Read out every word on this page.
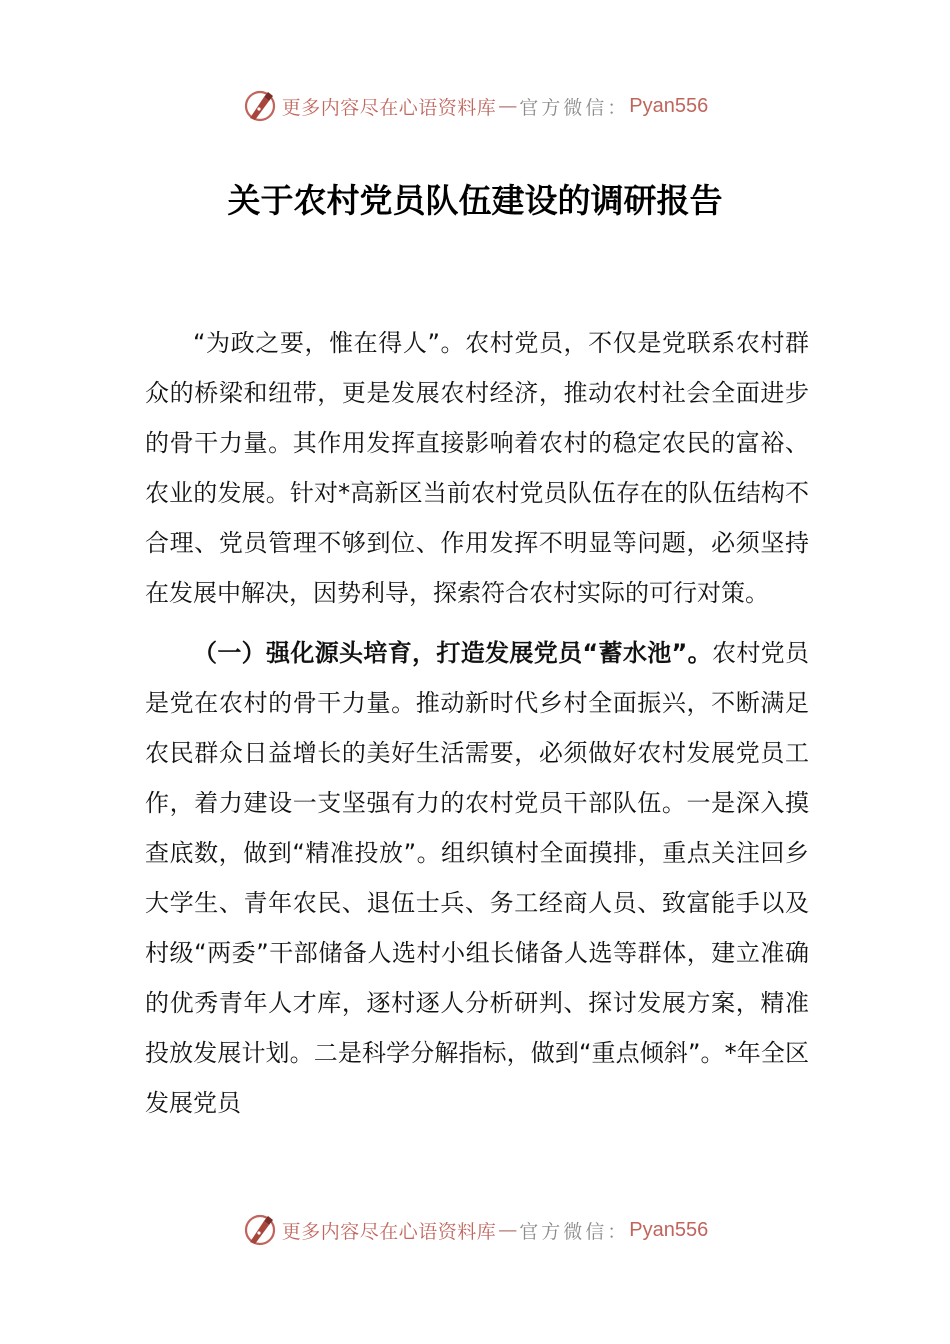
更多内容尽在心语资料库 — 官方微信： Pyan556
关于农村党员队伍建设的调研报告

“为政之要，惟在得人”。农村党员，不仅是党联系农村群众的桥梁和纽带，更是发展农村经济，推动农村社会全面进步的骨干力量。其作用发挥直接影响着农村的稳定农民的富裕、农业的发展。针对*高新区当前农村党员队伍存在的队伍结构不合理、党员管理不够到位、作用发挥不明显等问题，必须坚持在发展中解决，因势利导，探索符合农村实际的可行对策。

（一）强化源头培育，打造发展党员“蓄水池”。农村党员是党在农村的骨干力量。推动新时代乡村全面振兴，不断满足农民群众日益增长的美好生活需要，必须做好农村发展党员工作，着力建设一支坚强有力的农村党员干部队伍。一是深入摸查底数，做到“精准投放”。组织镇村全面摸排，重点关注回乡大学生、青年农民、退伍士兵、务工经商人员、致富能手以及村级“两委”干部储备人选村小组长储备人选等群体，建立准确的优秀青年人才库，逐村逐人分析研判、探讨发展方案，精准投放发展计划。二是科学分解指标，做到“重点倾斜”。*年全区发展党员

更多内容尽在心语资料库 — 官方微信： Pyan556
